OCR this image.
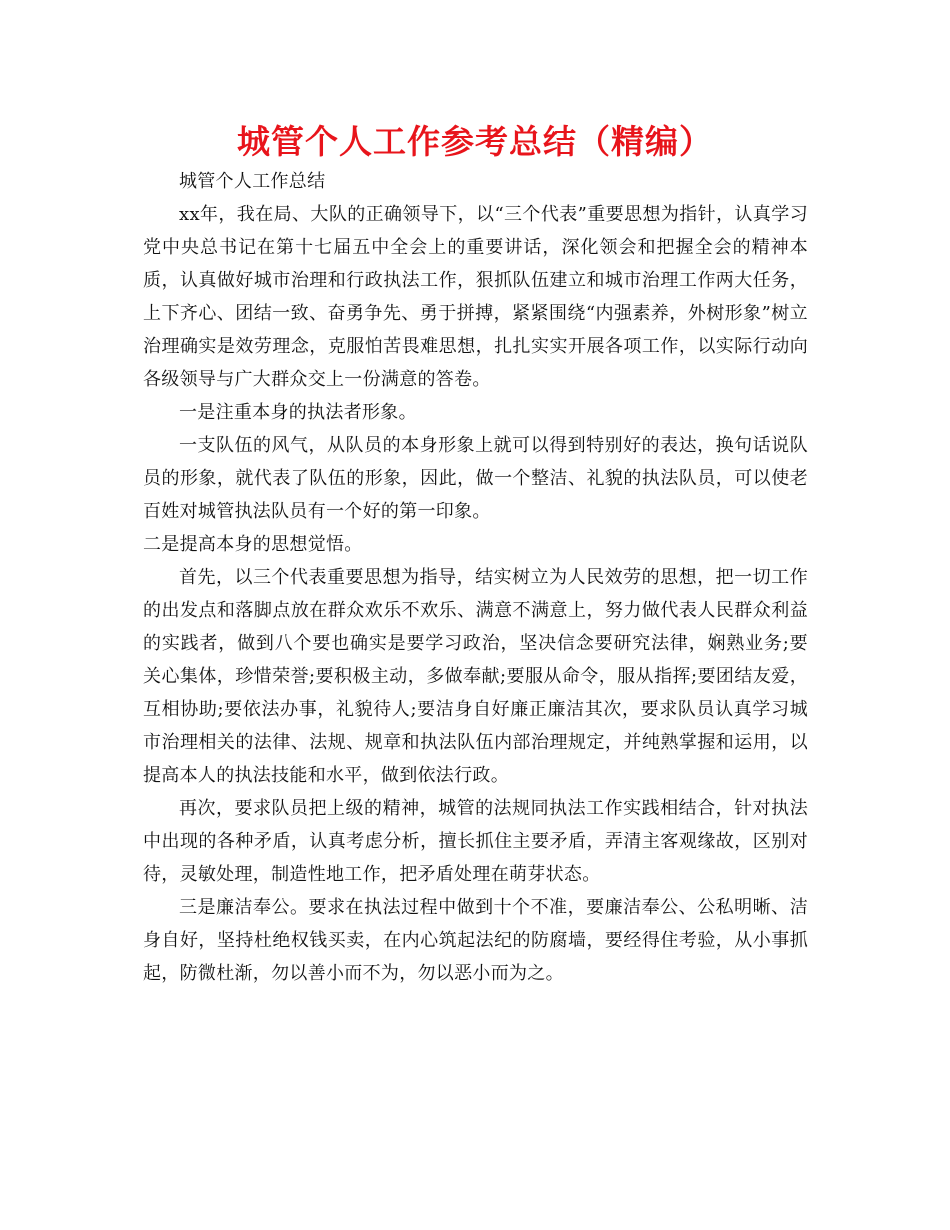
城管个人工作参考总结（精编）

城管个人工作总结

xx年，我在局、大队的正确领导下，以“三个代表”重要思想为指针，认真学习党中央总书记在第十七届五中全会上的重要讲话，深化领会和把握全会的精神本质，认真做好城市治理和行政执法工作，狠抓队伍建立和城市治理工作两大任务，上下齐心、团结一致、奋勇争先、勇于拼搏，紧紧围绕“内强素养，外树形象”树立治理确实是效劳理念，克服怕苦畏难思想，扎扎实实开展各项工作，以实际行动向各级领导与广大群众交上一份满意的答卷。

一是注重本身的执法者形象。

一支队伍的风气，从队员的本身形象上就可以得到特别好的表达，换句话说队员的形象，就代表了队伍的形象，因此，做一个整洁、礼貌的执法队员，可以使老百姓对城管执法队员有一个好的第一印象。

二是提高本身的思想觉悟。

首先，以三个代表重要思想为指导，结实树立为人民效劳的思想，把一切工作的出发点和落脚点放在群众欢乐不欢乐、满意不满意上，努力做代表人民群众利益的实践者，做到八个要也确实是要学习政治，坚决信念要研究法律，娴熟业务;要关心集体，珍惜荣誉;要积极主动，多做奉献;要服从命令，服从指挥;要团结友爱，互相协助;要依法办事，礼貌待人;要洁身自好廉正廉洁其次，要求队员认真学习城市治理相关的法律、法规、规章和执法队伍内部治理规定，并纯熟掌握和运用，以提高本人的执法技能和水平，做到依法行政。

再次，要求队员把上级的精神，城管的法规同执法工作实践相结合，针对执法中出现的各种矛盾，认真考虑分析，擅长抓住主要矛盾，弄清主客观缘故，区别对待，灵敏处理，制造性地工作，把矛盾处理在萌芽状态。

三是廉洁奉公。要求在执法过程中做到十个不准，要廉洁奉公、公私明晰、洁身自好，坚持杜绝权钱买卖，在内心筑起法纪的防腐墙，要经得住考验，从小事抓起，防微杜渐，勿以善小而不为，勿以恶小而为之。
